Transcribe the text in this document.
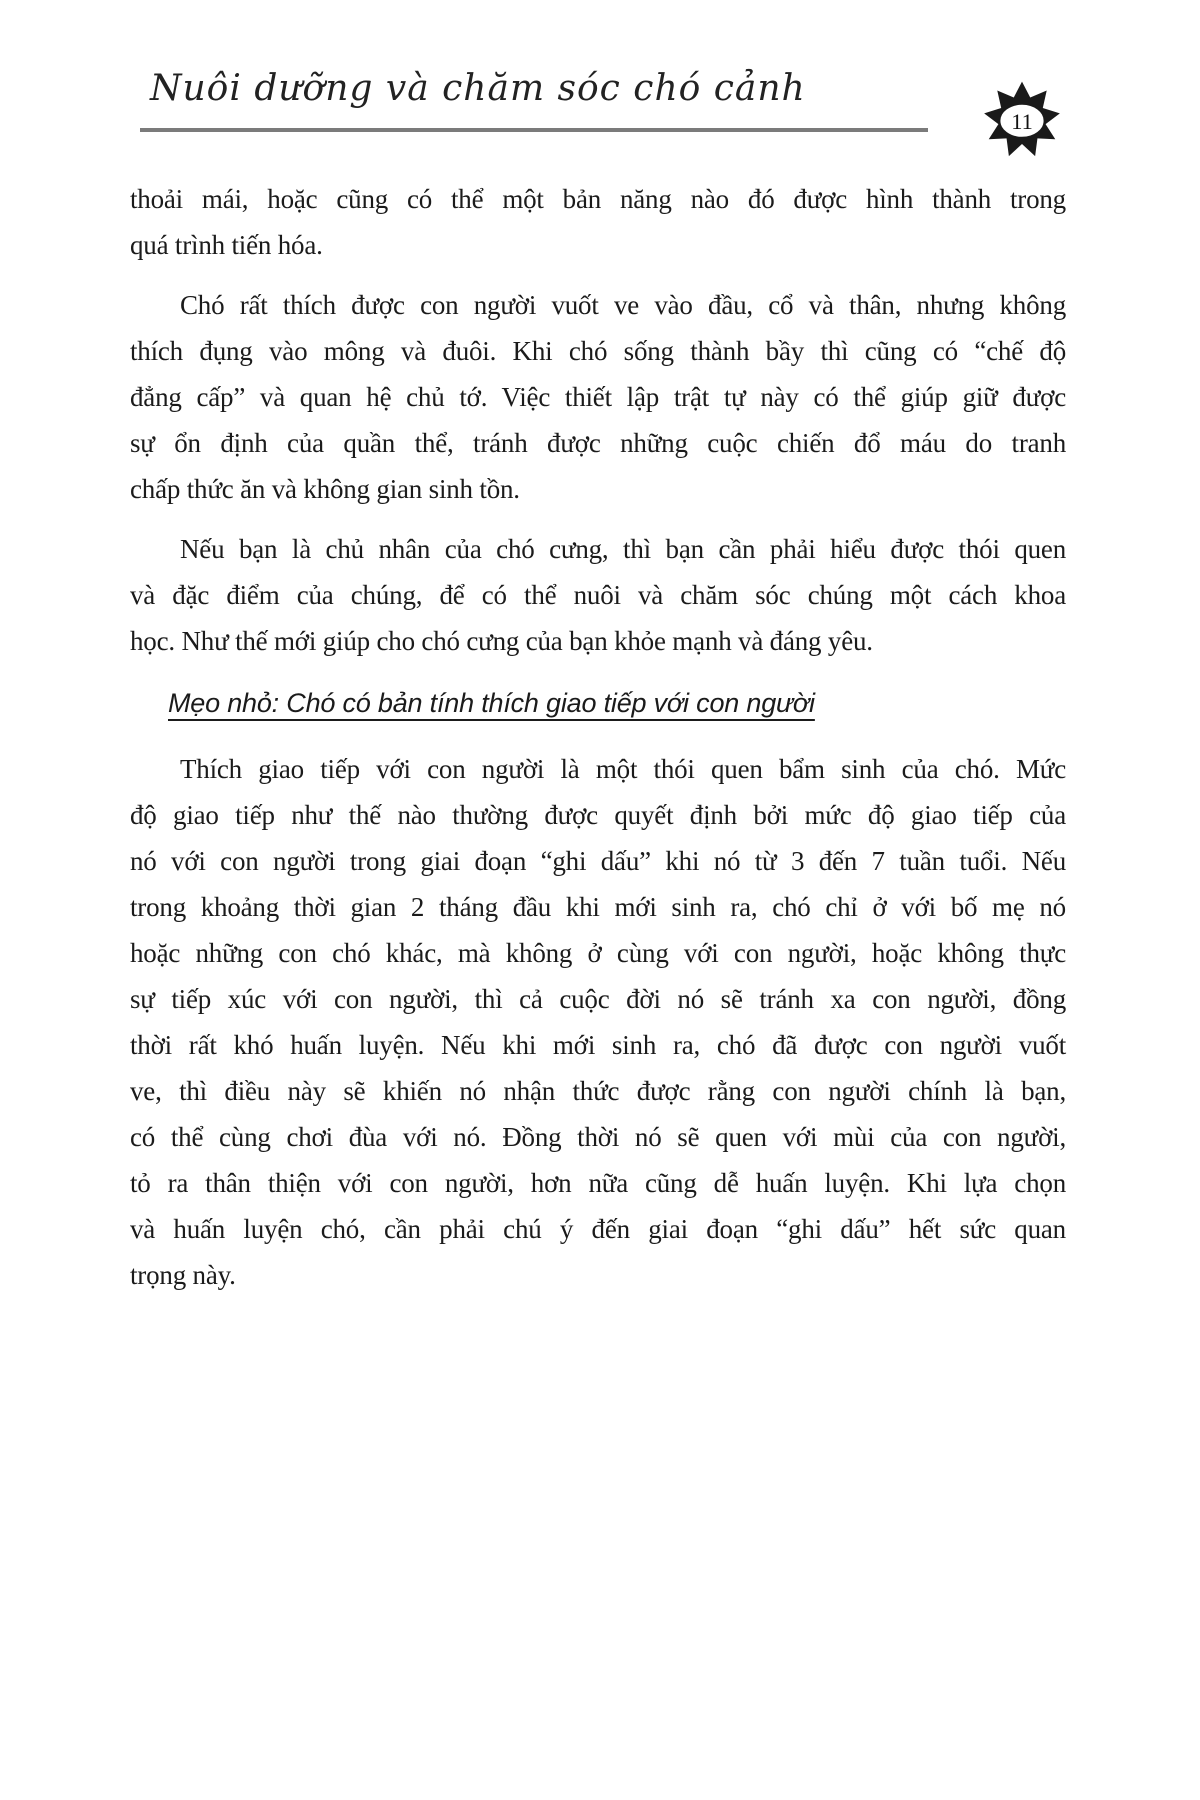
Nuôi dưỡng và chăm sóc chó cảnh
11
thoải mái, hoặc cũng có thể một bản năng nào đó được hình thành trong
quá trình tiến hóa.
Chó rất thích được con người vuốt ve vào đầu, cổ và thân, nhưng không
thích đụng vào mông và đuôi. Khi chó sống thành bầy thì cũng có “chế độ
đẳng cấp” và quan hệ chủ tớ. Việc thiết lập trật tự này có thể giúp giữ được
sự ổn định của quần thể, tránh được những cuộc chiến đổ máu do tranh
chấp thức ăn và không gian sinh tồn.
Nếu bạn là chủ nhân của chó cưng, thì bạn cần phải hiểu được thói quen
và đặc điểm của chúng, để có thể nuôi và chăm sóc chúng một cách khoa
học. Như thế mới giúp cho chó cưng của bạn khỏe mạnh và đáng yêu.
Mẹo nhỏ: Chó có bản tính thích giao tiếp với con người
Thích giao tiếp với con người là một thói quen bẩm sinh của chó. Mức
độ giao tiếp như thế nào thường được quyết định bởi mức độ giao tiếp của
nó với con người trong giai đoạn “ghi dấu” khi nó từ 3 đến 7 tuần tuổi. Nếu
trong khoảng thời gian 2 tháng đầu khi mới sinh ra, chó chỉ ở với bố mẹ nó
hoặc những con chó khác, mà không ở cùng với con người, hoặc không thực
sự tiếp xúc với con người, thì cả cuộc đời nó sẽ tránh xa con người, đồng
thời rất khó huấn luyện. Nếu khi mới sinh ra, chó đã được con người vuốt
ve, thì điều này sẽ khiến nó nhận thức được rằng con người chính là bạn,
có thể cùng chơi đùa với nó. Đồng thời nó sẽ quen với mùi của con người,
tỏ ra thân thiện với con người, hơn nữa cũng dễ huấn luyện. Khi lựa chọn
và huấn luyện chó, cần phải chú ý đến giai đoạn “ghi dấu” hết sức quan
trọng này.
